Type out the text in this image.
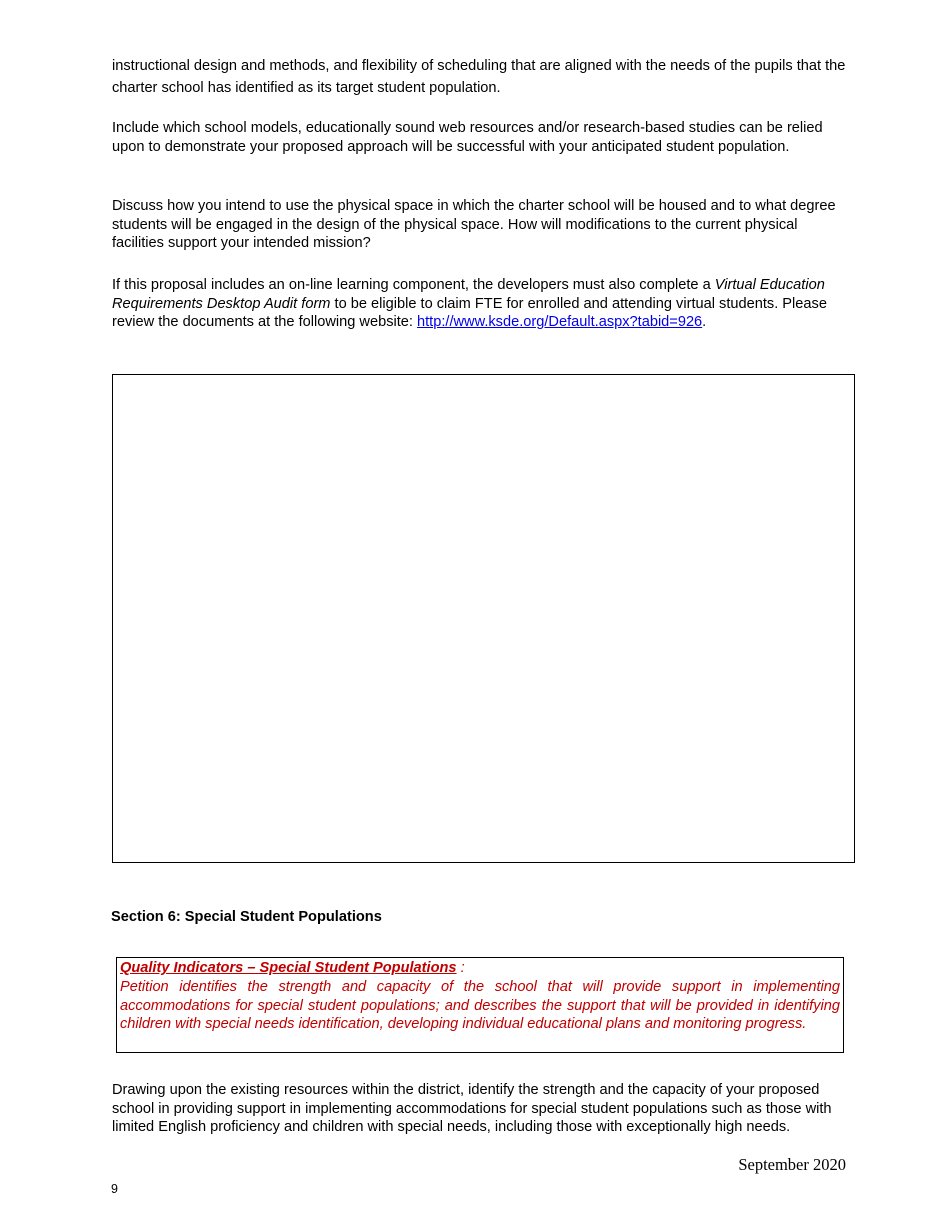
instructional design and methods, and flexibility of scheduling that are aligned with the needs of the pupils that the charter school has identified as its target student population.

Include which school models, educationally sound web resources and/or research-based studies can be relied upon to demonstrate your proposed approach will be successful with your anticipated student population.

Discuss how you intend to use the physical space in which the charter school will be housed and to what degree students will be engaged in the design of the physical space. How will modifications to the current physical facilities support your intended mission?

If this proposal includes an on-line learning component, the developers must also complete a Virtual Education Requirements Desktop Audit form to be eligible to claim FTE for enrolled and attending virtual students. Please review the documents at the following website: http://www.ksde.org/Default.aspx?tabid=926.

Section 6: Special Student Populations

Quality Indicators – Special Student Populations :
Petition identifies the strength and capacity of the school that will provide support in implementing accommodations for special student populations; and describes the support that will be provided in identifying children with special needs identification, developing individual educational plans and monitoring progress.

Drawing upon the existing resources within the district, identify the strength and the capacity of your proposed school in providing support in implementing accommodations for special student populations such as those with limited English proficiency and children with special needs, including those with exceptionally high needs.

September 2020
9
